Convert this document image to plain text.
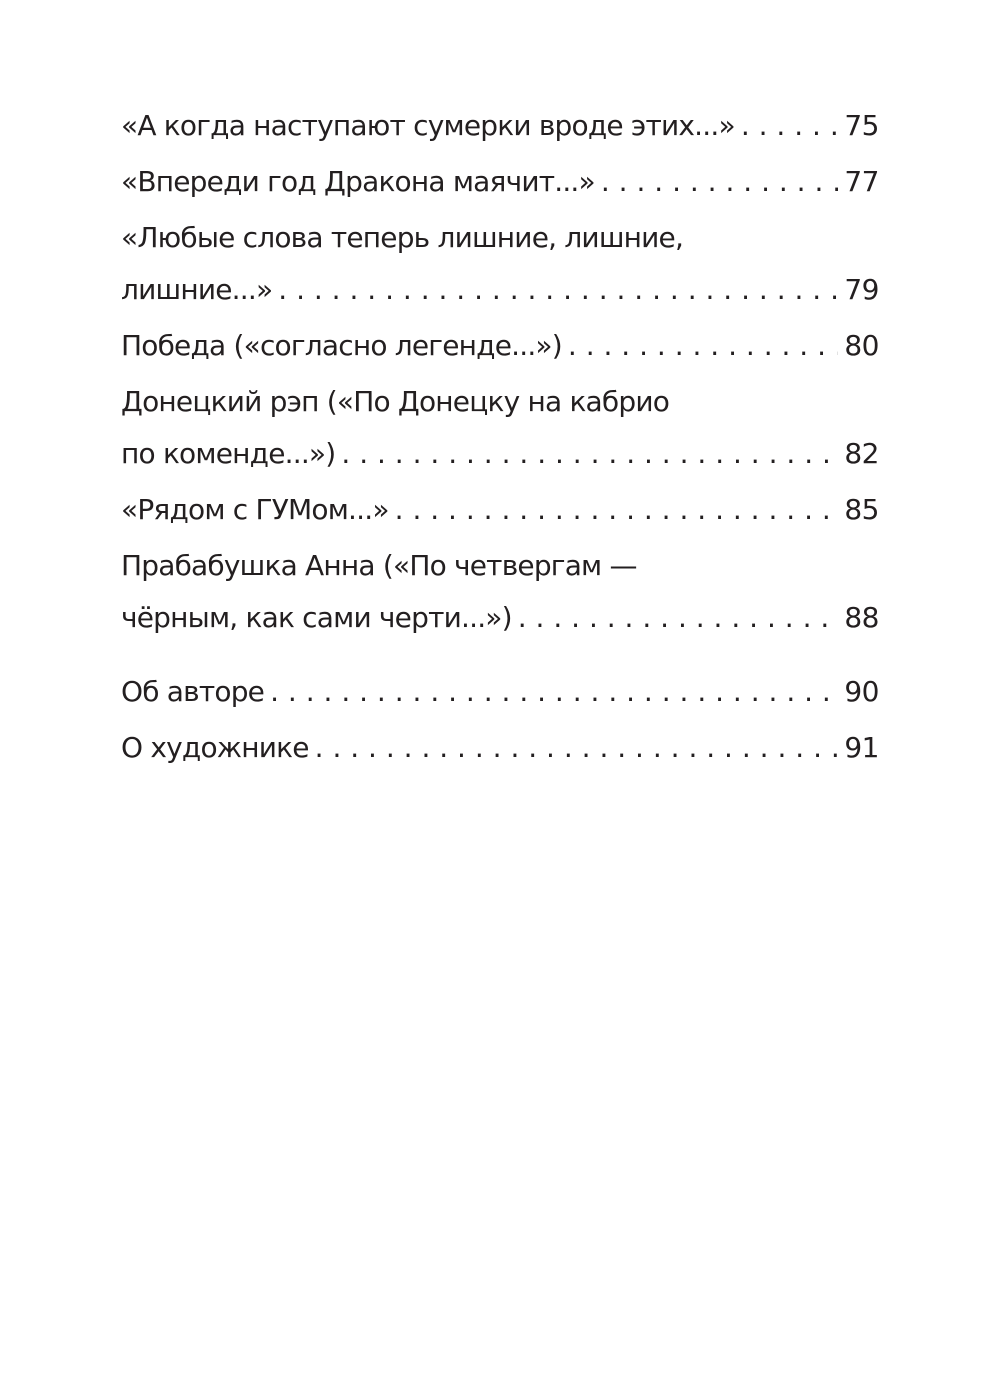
«А когда наступают сумерки вроде этих...» . . .	75
«Впереди год Дракона маячит...» . . .	77
«Любые слова теперь лишние, лишние,
лишние...» . . .	79
Победа («согласно легенде...») . . .	80
Донецкий рэп («По Донецку на кабрио
по коменде...») . . .	82
«Рядом с ГУМом...» . . .	85
Прабабушка Анна («По четвергам —
чёрным, как сами черти...») . . .	88
Об авторе . . .	90
О художнике . . .	91
